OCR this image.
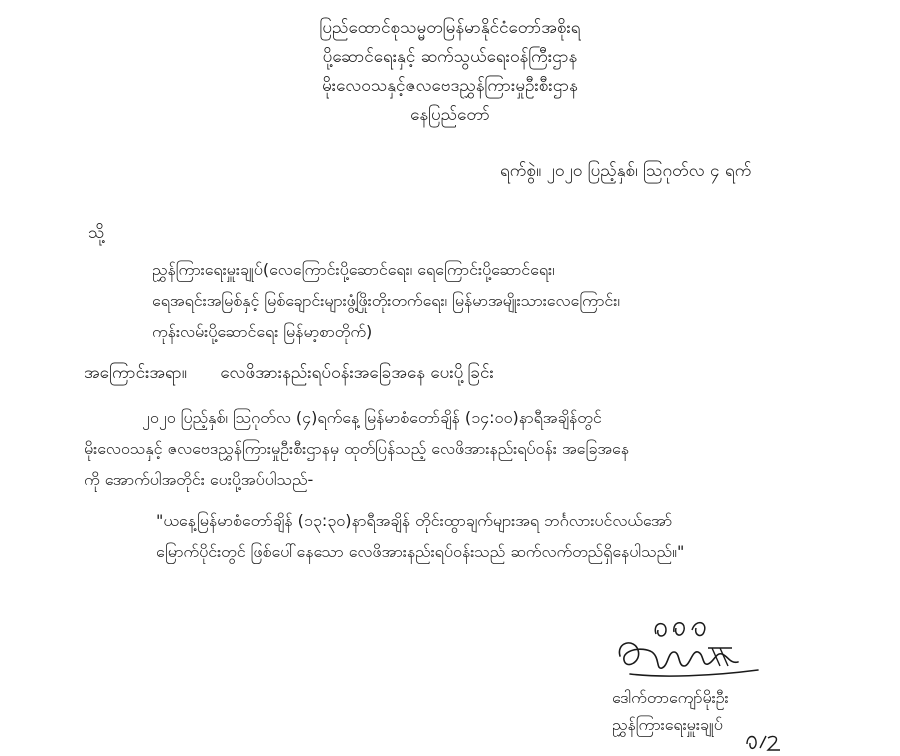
ပြည်ထောင်စုသမ္မတမြန်မာနိုင်ငံတော်အစိုးရ
ပို့ဆောင်ရေးနှင့် ဆက်သွယ်ရေးဝန်ကြီးဌာန
မိုးလေဝသနှင့်ဇလဗေဒညွှန်ကြားမှုဦးစီးဌာန
နေပြည်တော်
ရက်စွဲ။ ၂၀၂၀ ပြည့်နှစ်၊ ဩဂုတ်လ ၄ ရက်
သို့
ညွှန်ကြားရေးမှူးချုပ်(လေကြောင်းပို့ဆောင်ရေး၊ ရေကြောင်းပို့ဆောင်ရေး၊
ရေအရင်းအမြစ်နှင့် မြစ်ချောင်းများဖွံ့ဖြိုးတိုးတက်ရေး၊ မြန်မာအမျိုးသားလေကြောင်း၊
ကုန်းလမ်းပို့ဆောင်ရေး မြန်မာ့စာတိုက်)
အကြောင်းအရာ။ လေဖိအားနည်းရပ်ဝန်းအခြေအနေ ပေးပို့ခြင်း
၂၀၂၀ ပြည့်နှစ်၊ ဩဂုတ်လ (၄)ရက်နေ့ မြန်မာစံတော်ချိန် (၁၄:၀၀)နာရီအချိန်တွင်
မိုးလေဝသနှင့် ဇလဗေဒညွှန်ကြားမှုဦးစီးဌာနမှ ထုတ်ပြန်သည့် လေဖိအားနည်းရပ်ဝန်း အခြေအနေ
ကို အောက်ပါအတိုင်း ပေးပို့အပ်ပါသည်-
"ယနေ့မြန်မာစံတော်ချိန် (၁၃:၃၀)နာရီအချိန် တိုင်းထွာချက်များအရ ဘင်္ဂလားပင်လယ်အော်
မြောက်ပိုင်းတွင် ဖြစ်ပေါ်နေသော လေဖိအားနည်းရပ်ဝန်းသည် ဆက်လက်တည်ရှိနေပါသည်။"
ဒေါက်တာကျော်မိုးဦး
ညွှန်ကြားရေးမှူးချုပ်
